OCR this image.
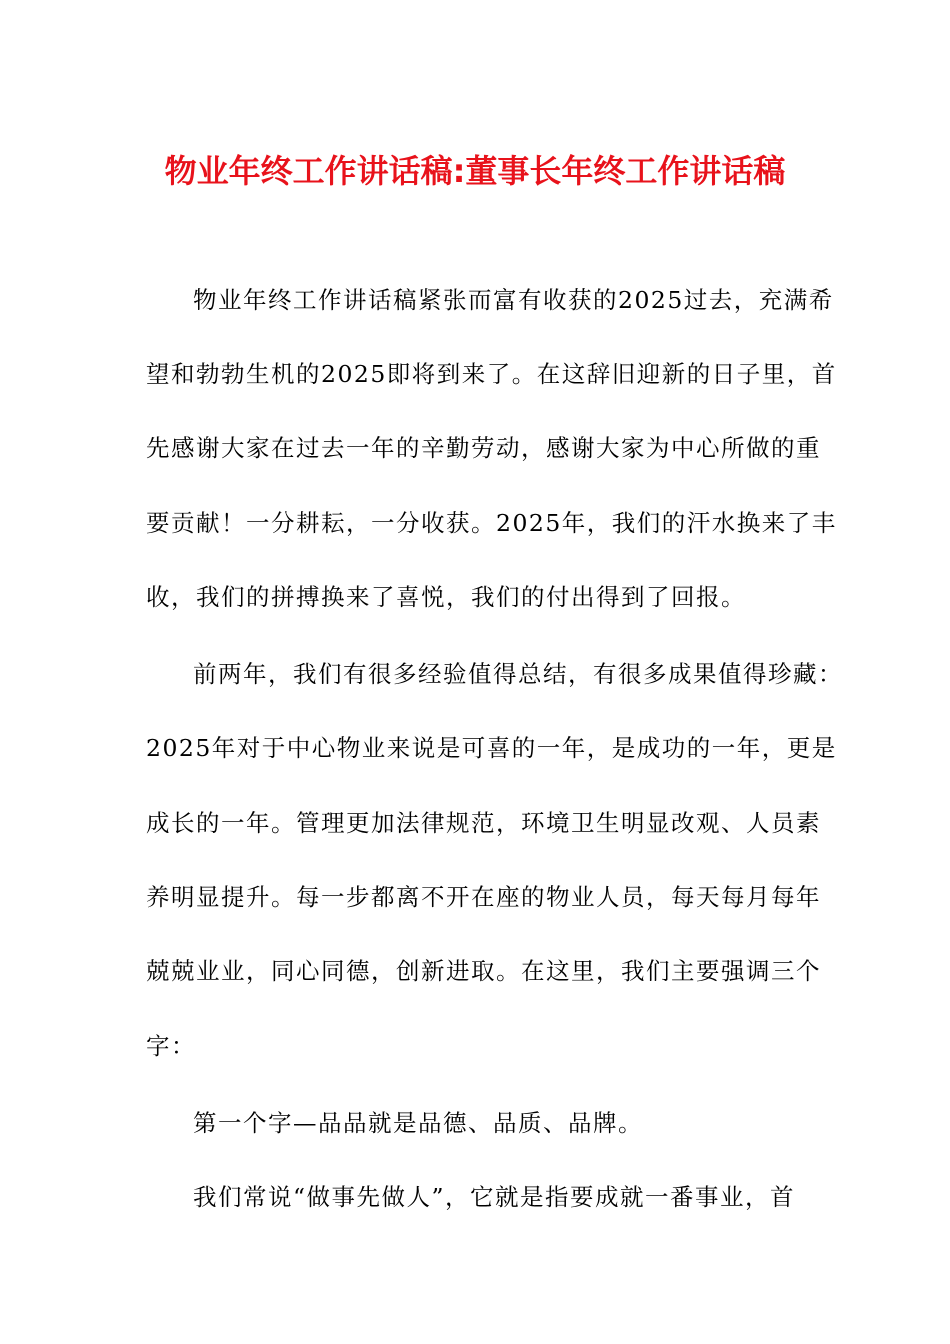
物业年终工作讲话稿:董事长年终工作讲话稿
物业年终工作讲话稿紧张而富有收获的2025过去，充满希
望和勃勃生机的2025即将到来了。在这辞旧迎新的日子里，首
先感谢大家在过去一年的辛勤劳动，感谢大家为中心所做的重
要贡献！一分耕耘，一分收获。2025年，我们的汗水换来了丰
收，我们的拼搏换来了喜悦，我们的付出得到了回报。
前两年，我们有很多经验值得总结，有很多成果值得珍藏：
2025年对于中心物业来说是可喜的一年，是成功的一年，更是
成长的一年。管理更加法律规范，环境卫生明显改观、人员素
养明显提升。每一步都离不开在座的物业人员，每天每月每年
兢兢业业，同心同德，创新进取。在这里，我们主要强调三个
字：
第一个字—品品就是品德、品质、品牌。
我们常说“做事先做人”，它就是指要成就一番事业，首
